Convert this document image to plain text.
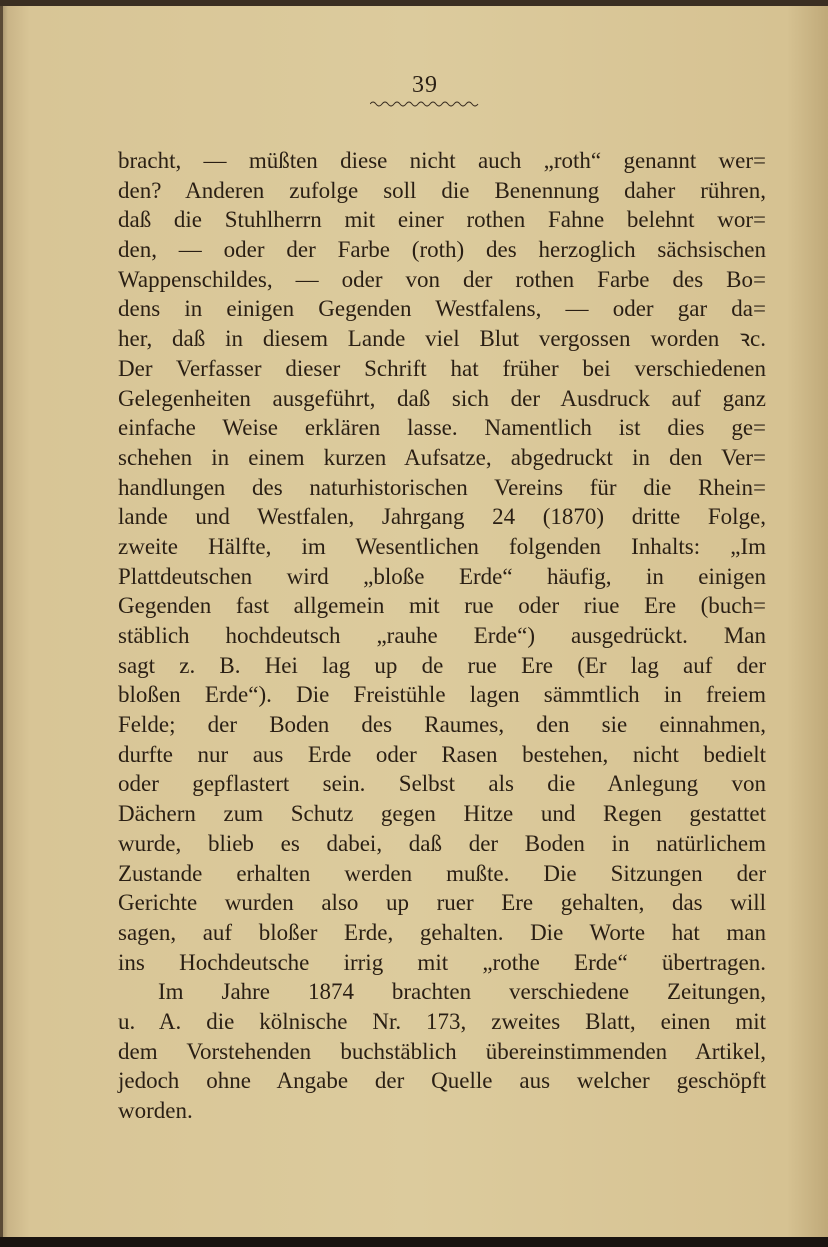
39
bracht, — müßten diese nicht auch „roth“ genannt wer=
den? Anderen zufolge soll die Benennung daher rühren,
daß die Stuhlherrn mit einer rothen Fahne belehnt wor=
den, — oder der Farbe (roth) des herzoglich sächsischen
Wappenschildes, — oder von der rothen Farbe des Bo=
dens in einigen Gegenden Westfalens, — oder gar da=
her, daß in diesem Lande viel Blut vergossen worden ꝛc.
Der Verfasser dieser Schrift hat früher bei verschiedenen
Gelegenheiten ausgeführt, daß sich der Ausdruck auf ganz
einfache Weise erklären lasse. Namentlich ist dies ge=
schehen in einem kurzen Aufsatze, abgedruckt in den Ver=
handlungen des naturhistorischen Vereins für die Rhein=
lande und Westfalen, Jahrgang 24 (1870) dritte Folge,
zweite Hälfte, im Wesentlichen folgenden Inhalts: „Im
Plattdeutschen wird „bloße Erde“ häufig, in einigen
Gegenden fast allgemein mit rue oder riue Ere (buch=
stäblich hochdeutsch „rauhe Erde“) ausgedrückt. Man
sagt z. B. Hei lag up de rue Ere (Er lag auf der
bloßen Erde“). Die Freistühle lagen sämmtlich in freiem
Felde; der Boden des Raumes, den sie einnahmen,
durfte nur aus Erde oder Rasen bestehen, nicht bedielt
oder gepflastert sein. Selbst als die Anlegung von
Dächern zum Schutz gegen Hitze und Regen gestattet
wurde, blieb es dabei, daß der Boden in natürlichem
Zustande erhalten werden mußte. Die Sitzungen der
Gerichte wurden also up ruer Ere gehalten, das will
sagen, auf bloßer Erde, gehalten. Die Worte hat man
ins Hochdeutsche irrig mit „rothe Erde“ übertragen.
Im Jahre 1874 brachten verschiedene Zeitungen,
u. A. die kölnische Nr. 173, zweites Blatt, einen mit
dem Vorstehenden buchstäblich übereinstimmenden Artikel,
jedoch ohne Angabe der Quelle aus welcher geschöpft
worden.
